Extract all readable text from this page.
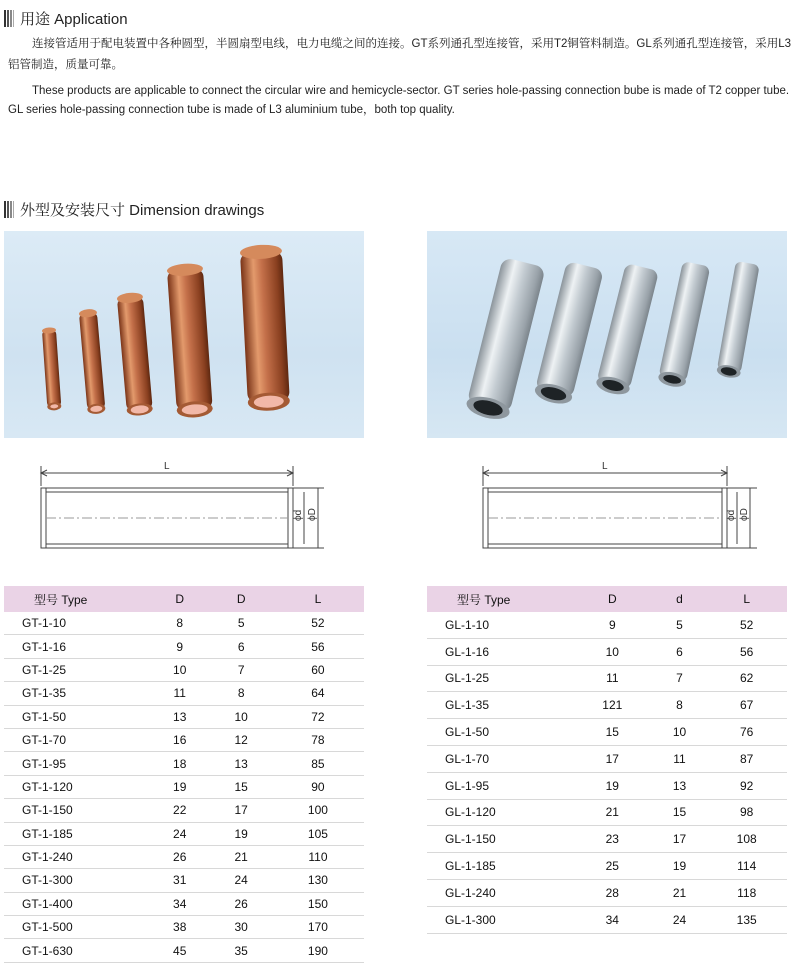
用途 Application

连接管适用于配电装置中各种圆型，半圆扇型电线，电力电缆之间的连接。GT系列通孔型连接管，采用T2铜管料制造。GL系列通孔型连接管，采用L3铝管制造，质量可靠。

These products are applicable to connect the circular wire and hemicycle-sector. GT series hole-passing connection bube is made of T2 copper tube. GL series hole-passing connection tube is made of L3 aluminium tube，both top quality.

外型及安装尺寸 Dimension drawings
L
ϕd ϕD
L
ϕd ϕD
型号 Type	D	D	L
GT-1-10	8	5	52
GT-1-16	9	6	56
GT-1-25	10	7	60
GT-1-35	11	8	64
GT-1-50	13	10	72
GT-1-70	16	12	78
GT-1-95	18	13	85
GT-1-120	19	15	90
GT-1-150	22	17	100
GT-1-185	24	19	105
GT-1-240	26	21	110
GT-1-300	31	24	130
GT-1-400	34	26	150
GT-1-500	38	30	170
GT-1-630	45	35	190
型号 Type	D	d	L
GL-1-10	9	5	52
GL-1-16	10	6	56
GL-1-25	11	7	62
GL-1-35	121	8	67
GL-1-50	15	10	76
GL-1-70	17	11	87
GL-1-95	19	13	92
GL-1-120	21	15	98
GL-1-150	23	17	108
GL-1-185	25	19	114
GL-1-240	28	21	118
GL-1-300	34	24	135
